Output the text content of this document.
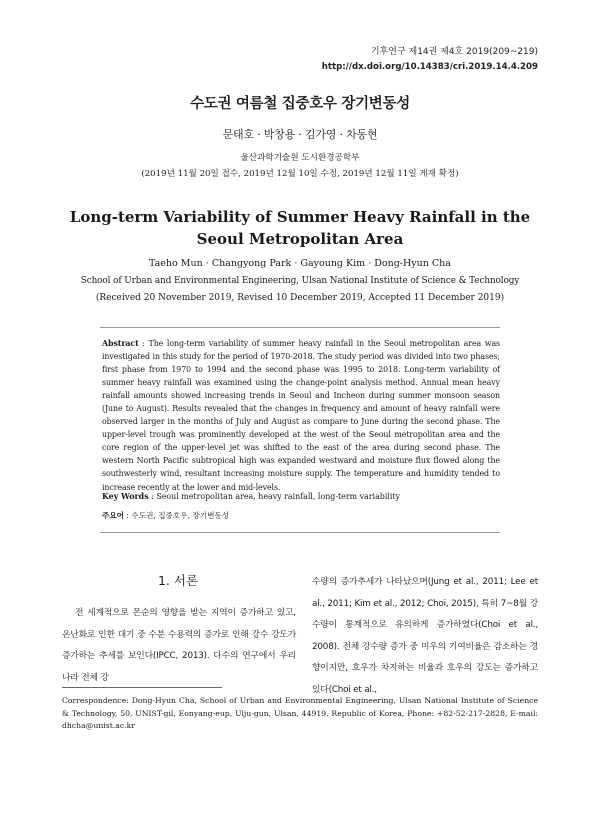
기후연구 제14권 제4호 2019(209~219)
http://dx.doi.org/10.14383/cri.2019.14.4.209
수도권 여름철 집중호우 장기변동성
문태호 · 박창용 · 김가영 · 차동현
울산과학기술원 도시환경공학부
(2019년 11월 20일 접수, 2019년 12월 10일 수정, 2019년 12월 11일 게재 확정)
Long-term Variability of Summer Heavy Rainfall in the Seoul Metropolitan Area
Taeho Mun · Changyong Park · Gayoung Kim · Dong-Hyun Cha
School of Urban and Environmental Engineering, Ulsan National Institute of Science & Technology
(Received 20 November 2019, Revised 10 December 2019, Accepted 11 December 2019)
Abstract : The long-term variability of summer heavy rainfall in the Seoul metropolitan area was investigated in this study for the period of 1970-2018. The study period was divided into two phases; first phase from 1970 to 1994 and the second phase was 1995 to 2018. Long-term variability of summer heavy rainfall was examined using the change-point analysis method. Annual mean heavy rainfall amounts showed increasing trends in Seoul and Incheon during summer monsoon season (June to August). Results revealed that the changes in frequency and amount of heavy rainfall were observed larger in the months of July and August as compare to June during the second phase. The upper-level trough was prominently developed at the west of the Seoul metropolitan area and the core region of the upper-level jet was shifted to the east of the area during second phase. The western North Pacific subtropical high was expanded westward and moisture flux flowed along the southwesterly wind, resultant increasing moisture supply. The temperature and humidity tended to increase recently at the lower and mid-levels.
Key Words : Seoul metropolitan area, heavy rainfall, long-term variability
주요어 : 수도권, 집중호우, 장기변동성
1. 서론
전 세계적으로 몬순의 영향을 받는 지역이 증가하고 있고, 온난화로 인한 대기 중 수분 수용력의 증가로 인해 강수 강도가 증가하는 추세를 보인다(IPCC, 2013). 다수의 연구에서 우리나라 전체 강
수량의 증가추세가 나타났으며(Jung et al., 2011; Lee et al., 2011; Kim et al., 2012; Choi, 2015), 특히 7~8월 강수량이 통계적으로 유의하게 증가하였다(Choi et al., 2008). 전체 강수량 증가 중 미우의 기여비율은 감소하는 경향이지만, 호우가 차지하는 비율과 호우의 강도는 증가하고 있다(Choi et al.,
Correspondence: Dong-Hyun Cha, School of Urban and Environmental Engineering, Ulsan National Institute of Science & Technology, 50, UNIST-gil, Eonyang-eup, Ulju-gun, Ulsan, 44919, Republic of Korea, Phone: +82-52-217-2828, E-mail: dhcha@unist.ac.kr
